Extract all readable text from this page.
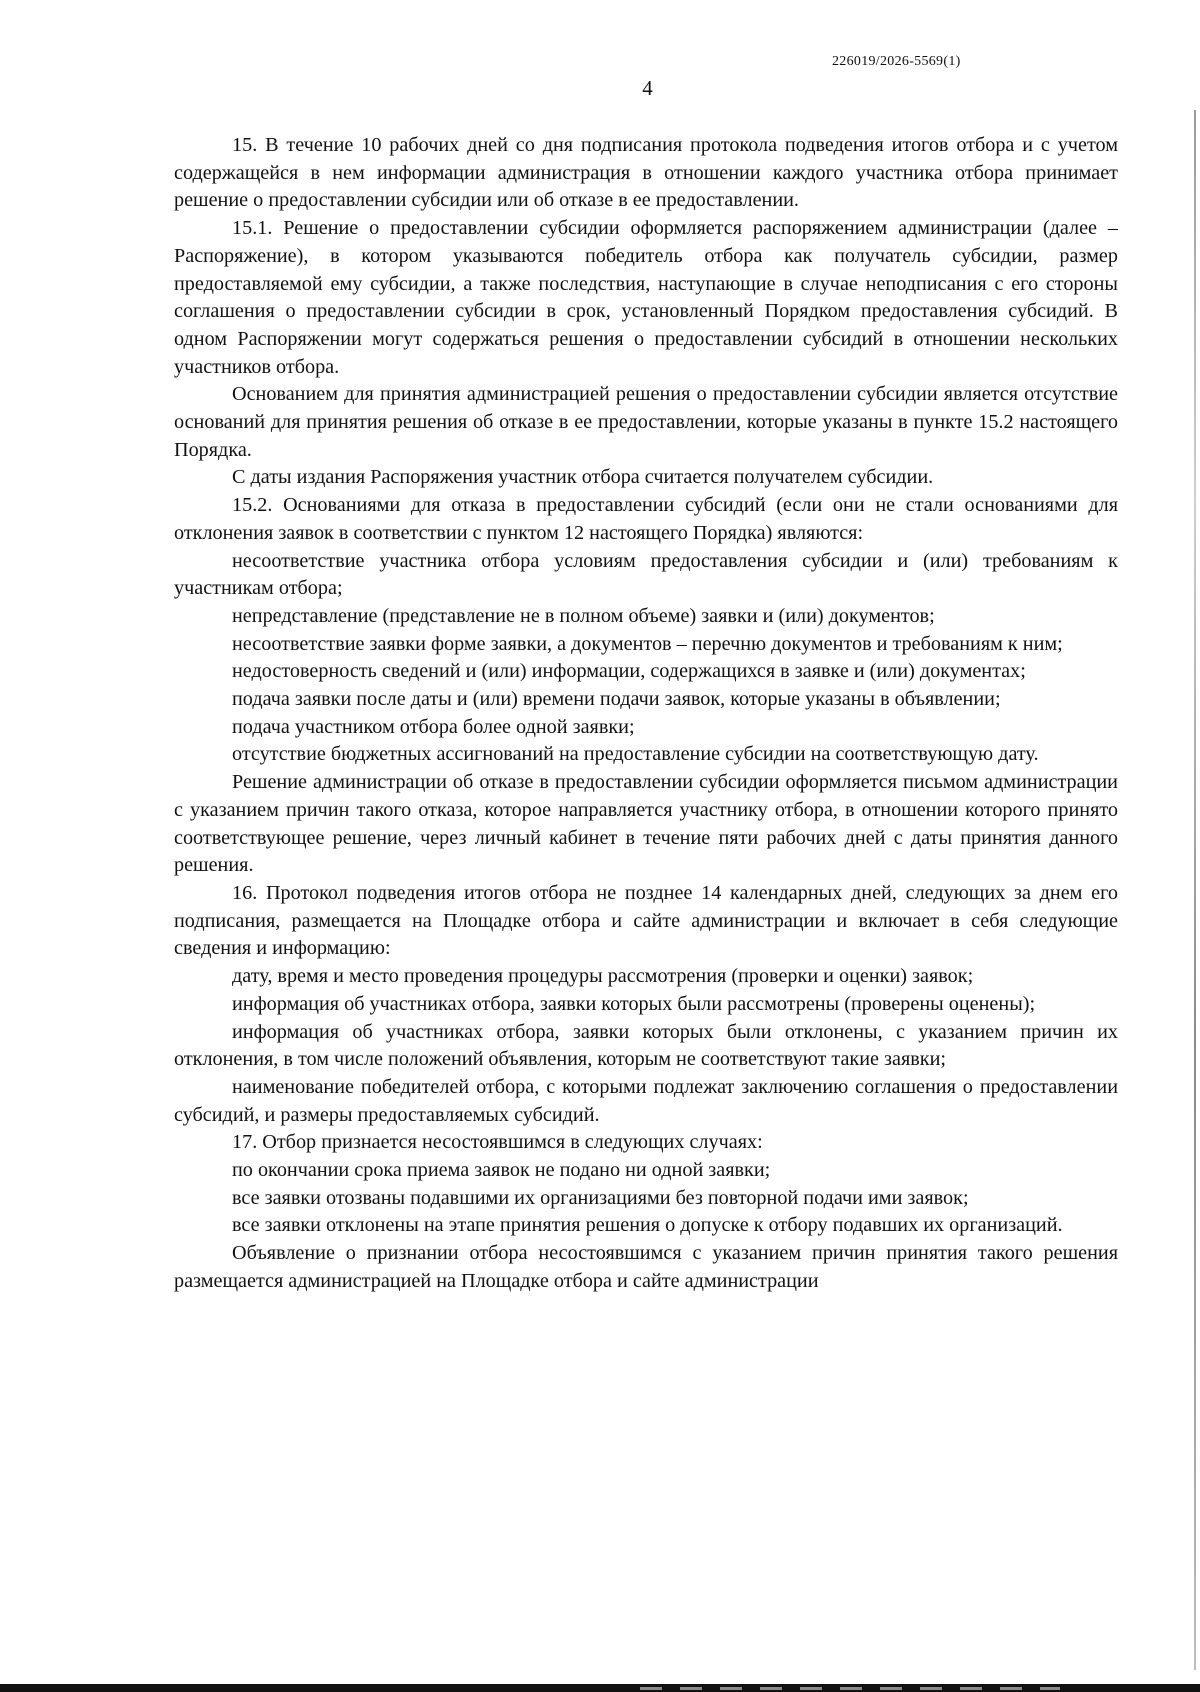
226019/2026-5569(1)
4

15. В течение 10 рабочих дней со дня подписания протокола подведения итогов отбора и с учетом содержащейся в нем информации администрация в отношении каждого участника отбора принимает решение о предоставлении субсидии или об отказе в ее предоставлении.

15.1. Решение о предоставлении субсидии оформляется распоряжением администрации (далее – Распоряжение), в котором указываются победитель отбора как получатель субсидии, размер предоставляемой ему субсидии, а также последствия, наступающие в случае неподписания с его стороны соглашения о предоставлении субсидии в срок, установленный Порядком предоставления субсидий. В одном Распоряжении могут содержаться решения о предоставлении субсидий в отношении нескольких участников отбора.

Основанием для принятия администрацией решения о предоставлении субсидии является отсутствие оснований для принятия решения об отказе в ее предоставлении, которые указаны в пункте 15.2 настоящего Порядка.

С даты издания Распоряжения участник отбора считается получателем субсидии.

15.2. Основаниями для отказа в предоставлении субсидий (если они не стали основаниями для отклонения заявок в соответствии с пунктом 12 настоящего Порядка) являются:

несоответствие участника отбора условиям предоставления субсидии и (или) требованиям к участникам отбора;

непредставление (представление не в полном объеме) заявки и (или) документов;

несоответствие заявки форме заявки, а документов – перечню документов и требованиям к ним;

недостоверность сведений и (или) информации, содержащихся в заявке и (или) документах;

подача заявки после даты и (или) времени подачи заявок, которые указаны в объявлении;

подача участником отбора более одной заявки;

отсутствие бюджетных ассигнований на предоставление субсидии на соответствующую дату.

Решение администрации об отказе в предоставлении субсидии оформляется письмом администрации с указанием причин такого отказа, которое направляется участнику отбора, в отношении которого принято соответствующее решение, через личный кабинет в течение пяти рабочих дней с даты принятия данного решения.

16. Протокол подведения итогов отбора не позднее 14 календарных дней, следующих за днем его подписания, размещается на Площадке отбора и сайте администрации и включает в себя следующие сведения и информацию:

дату, время и место проведения процедуры рассмотрения (проверки и оценки) заявок;

информация об участниках отбора, заявки которых были рассмотрены (проверены оценены);

информация об участниках отбора, заявки которых были отклонены, с указанием причин их отклонения, в том числе положений объявления, которым не соответствуют такие заявки;

наименование победителей отбора, с которыми подлежат заключению соглашения о предоставлении субсидий, и размеры предоставляемых субсидий.

17. Отбор признается несостоявшимся в следующих случаях:

по окончании срока приема заявок не подано ни одной заявки;

все заявки отозваны подавшими их организациями без повторной подачи ими заявок;

все заявки отклонены на этапе принятия решения о допуске к отбору подавших их организаций.

Объявление о признании отбора несостоявшимся с указанием причин принятия такого решения размещается администрацией на Площадке отбора и сайте администрации
